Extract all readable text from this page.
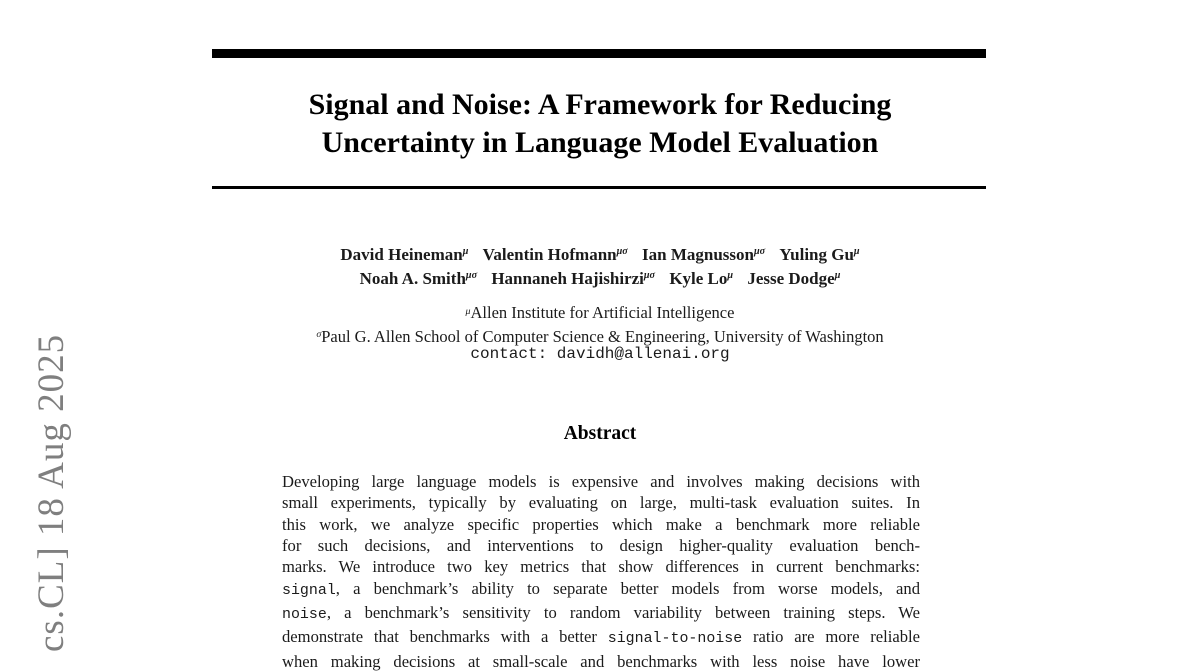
cs.CL] 18 Aug 2025
Signal and Noise: A Framework for Reducing
Uncertainty in Language Model Evaluation
David Heineman$^\mu$ Valentin Hofmann$^{\mu\sigma}$ Ian Magnusson$^{\mu\sigma}$ Yuling $Gu^\mu$
Noah A. Smith$^{\mu\sigma}$ Hannaneh Hajishirzi$^{\mu\sigma}$ Kyle $Lo^\mu$ Jesse Dodge$^\mu$
$^\mu$Allen Institute for Artificial Intelligence
$^\sigma$Paul G. Allen School of Computer Science & Engineering, University of Washington
contact: davidh@allenai.org
Abstract
Developing large language models is expensive and involves making decisions with
small experiments, typically by evaluating on large, multi-task evaluation suites. In
this work, we analyze specific properties which make a benchmark more reliable
for such decisions, and interventions to design higher-quality evaluation bench-
marks. We introduce two key metrics that show differences in current benchmarks:
signal, a benchmark’s ability to separate better models from worse models, and
noise, a benchmark’s sensitivity to random variability between training steps. We
demonstrate that benchmarks with a better signal-to-noise ratio are more reliable
when making decisions at small-scale and benchmarks with less noise have lower
